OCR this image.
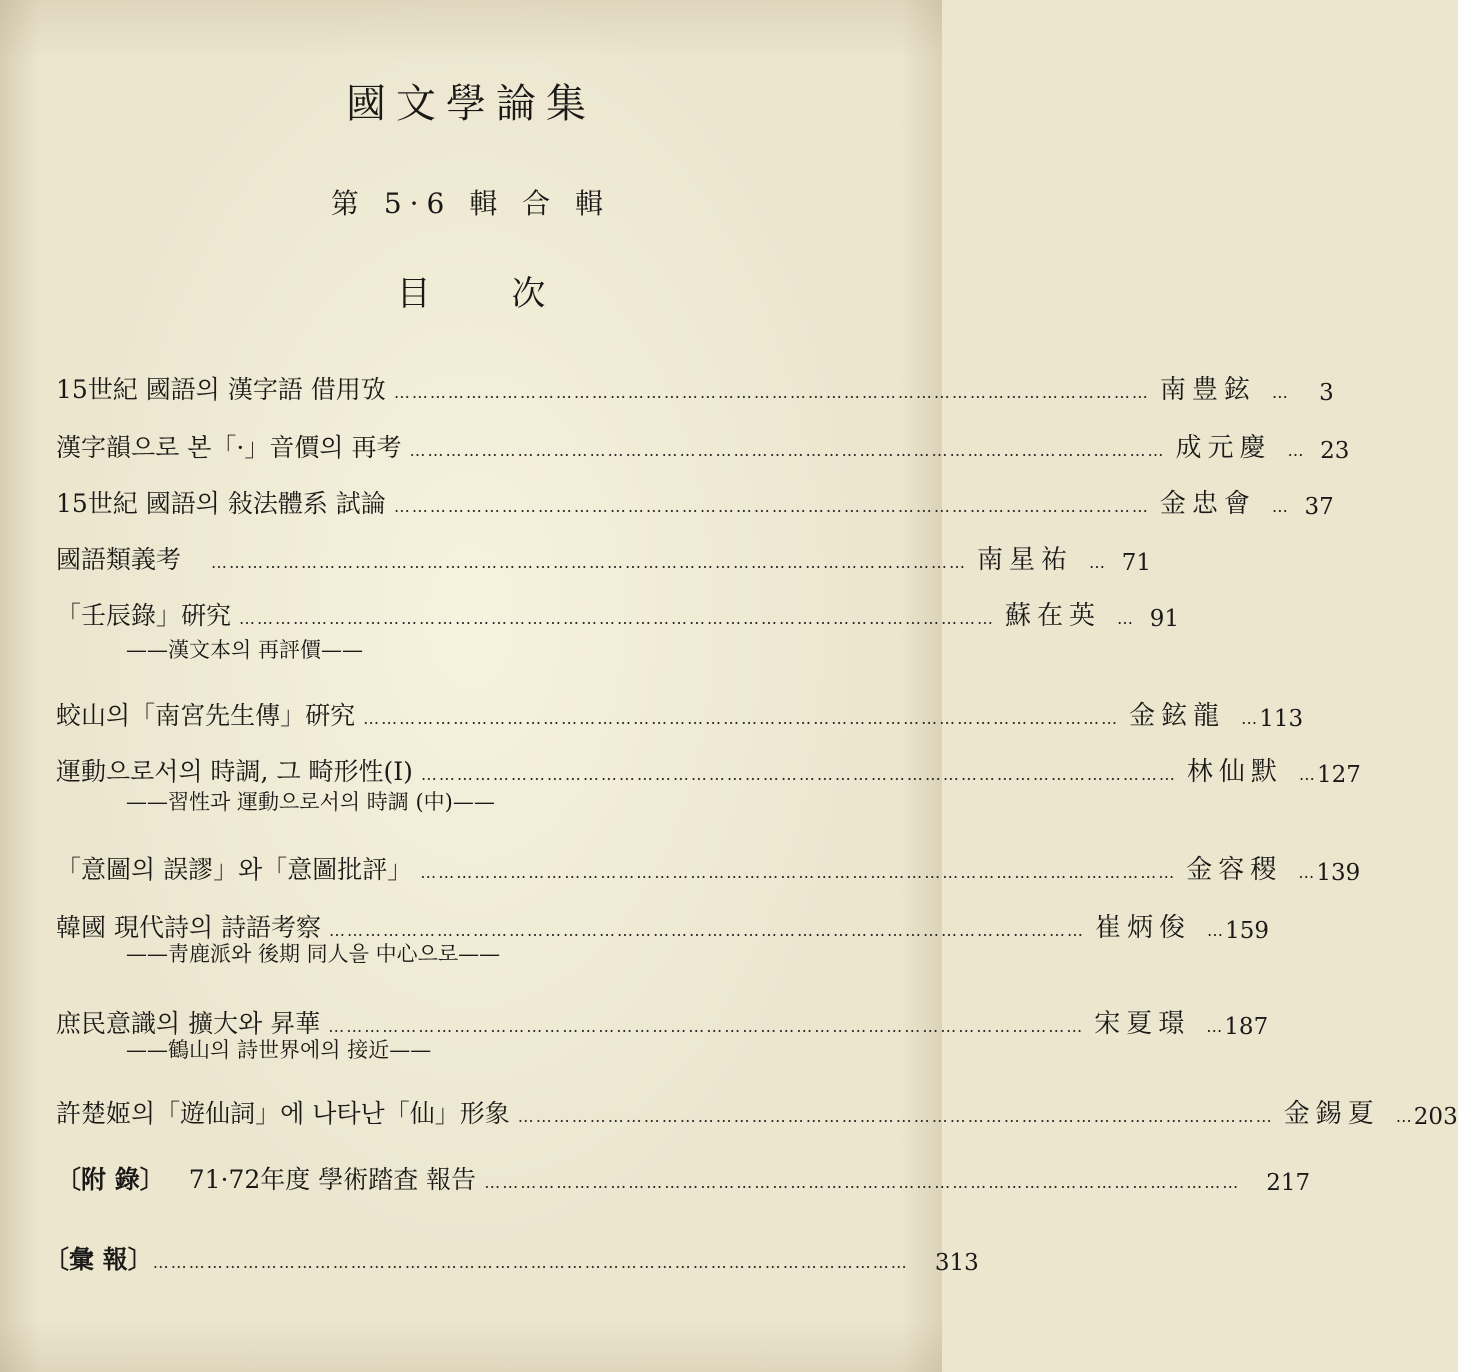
國文學論集
第 5·6 輯 合 輯
目 次
15世紀 國語의 漢字語 借用攷 ……………………………………………………………………………………………………………… 南豊鉉 …	3
漢字韻으로 본「·」音價의 再考 ……………………………………………………………………………………………………………… 成元慶 … 23
15世紀 國語의 敍法體系 試論 ……………………………………………………………………………………………………………… 金忠會 … 37
國語類義考 ……………………………………………………………………………………………………………… 南星祐 … 71
「壬辰錄」硏究 ……………………………………………………………………………………………………………… 蘇在英 … 91
——漢文本의 再評價——
蛟山의「南宮先生傳」硏究 ……………………………………………………………………………………………………………… 金鉉龍 … 113
運動으로서의 時調, 그 畸形性(Ⅰ) ……………………………………………………………………………………………………………… 林仙默 … 127
——習性과 運動으로서의 時調 (中)——
「意圖의 誤謬」와「意圖批評」 ……………………………………………………………………………………………………………… 金容稷 … 139
韓國 現代詩의 詩語考察 ……………………………………………………………………………………………………………… 崔炳俊 … 159
——靑鹿派와 後期 同人을 中心으로——
庶民意識의 擴大와 昇華 ……………………………………………………………………………………………………………… 宋夏璟 … 187
——鶴山의 詩世界에의 接近——
許楚姬의「遊仙詞」에 나타난「仙」形象 ……………………………………………………………………………………………………………… 金錫夏 … 203
〔附 錄〕 71·72年度 學術踏査 報告 ………………………………………………………………………………………………………………	217
〔彙 報〕 ………………………………………………………………………………………………………………	313
